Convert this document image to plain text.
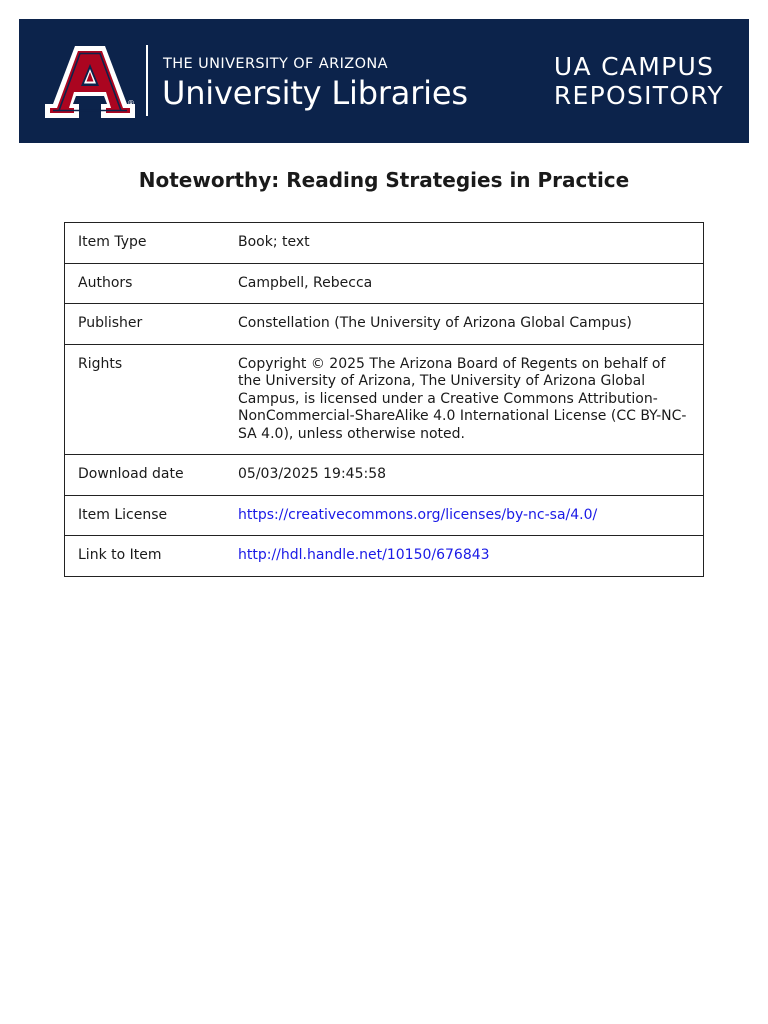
®
THE UNIVERSITY OF ARIZONA
University Libraries
UA CAMPUS
REPOSITORY
Noteworthy: Reading Strategies in Practice
Item Type	Book; text
Authors	Campbell, Rebecca
Publisher	Constellation (The University of Arizona Global Campus)
Rights	Copyright © 2025 The Arizona Board of Regents on behalf of the University of Arizona, The University of Arizona Global Campus, is licensed under a Creative Commons Attribution-NonCommercial-ShareAlike 4.0 International License (CC BY-NC-SA 4.0), unless otherwise noted.
Download date	05/03/2025 19:45:58
Item License	https://creativecommons.org/licenses/by-nc-sa/4.0/
Link to Item	http://hdl.handle.net/10150/676843
